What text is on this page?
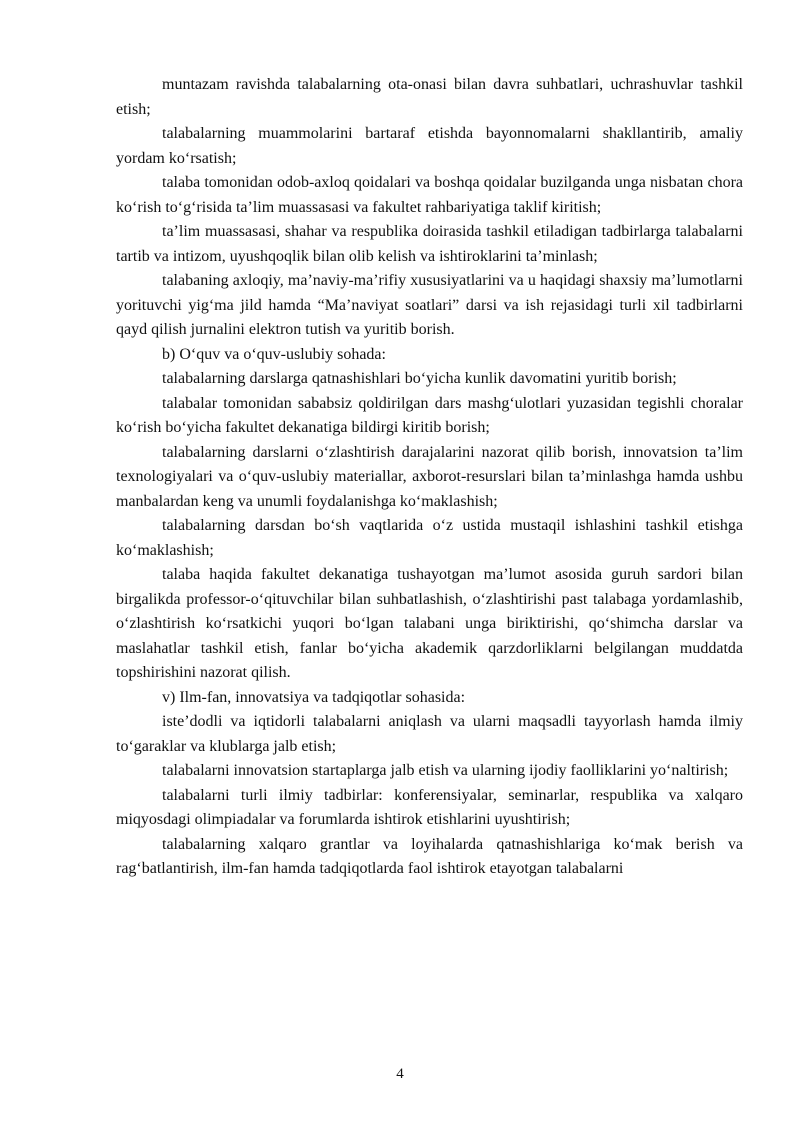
muntazam ravishda talabalarning ota-onasi bilan davra suhbatlari, uchrashuvlar tashkil etish;

talabalarning muammolarini bartaraf etishda bayonnomalarni shakllantirib, amaliy yordam ko‘rsatish;

talaba tomonidan odob-axloq qoidalari va boshqa qoidalar buzilganda unga nisbatan chora ko‘rish to‘g‘risida ta’lim muassasasi va fakultet rahbariyatiga taklif kiritish;

ta’lim muassasasi, shahar va respublika doirasida tashkil etiladigan tadbirlarga talabalarni tartib va intizom, uyushqoqlik bilan olib kelish va ishtiroklarini ta’minlash;

talabaning axloqiy, ma’naviy-ma’rifiy xususiyatlarini va u haqidagi shaxsiy ma’lumotlarni yorituvchi yig‘ma jild hamda “Ma’naviyat soatlari” darsi va ish rejasidagi turli xil tadbirlarni qayd qilish jurnalini elektron tutish va yuritib borish.

b) O‘quv va o‘quv-uslubiy sohada:

talabalarning darslarga qatnashishlari bo‘yicha kunlik davomatini yuritib borish;

talabalar tomonidan sababsiz qoldirilgan dars mashg‘ulotlari yuzasidan tegishli choralar ko‘rish bo‘yicha fakultet dekanatiga bildirgi kiritib borish;

talabalarning darslarni o‘zlashtirish darajalarini nazorat qilib borish, innovatsion ta’lim texnologiyalari va o‘quv-uslubiy materiallar, axborot-resurslari bilan ta’minlashga hamda ushbu manbalardan keng va unumli foydalanishga ko‘maklashish;

talabalarning darsdan bo‘sh vaqtlarida o‘z ustida mustaqil ishlashini tashkil etishga ko‘maklashish;

talaba haqida fakultet dekanatiga tushayotgan ma’lumot asosida guruh sardori bilan birgalikda professor-o‘qituvchilar bilan suhbatlashish, o‘zlashtirishi past talabaga yordamlashib, o‘zlashtirish ko‘rsatkichi yuqori bo‘lgan talabani unga biriktirishi, qo‘shimcha darslar va maslahatlar tashkil etish, fanlar bo‘yicha akademik qarzdorliklarni belgilangan muddatda topshirishini nazorat qilish.

v) Ilm-fan, innovatsiya va tadqiqotlar sohasida:

iste’dodli va iqtidorli talabalarni aniqlash va ularni maqsadli tayyorlash hamda ilmiy to‘garaklar va klublarga jalb etish;

talabalarni innovatsion startaplarga jalb etish va ularning ijodiy faolliklarini yo‘naltirish;

talabalarni turli ilmiy tadbirlar: konferensiyalar, seminarlar, respublika va xalqaro miqyosdagi olimpiadalar va forumlarda ishtirok etishlarini uyushtirish;

talabalarning xalqaro grantlar va loyihalarda qatnashishlariga ko‘mak berish va rag‘batlantirish, ilm-fan hamda tadqiqotlarda faol ishtirok etayotgan talabalarni

4
